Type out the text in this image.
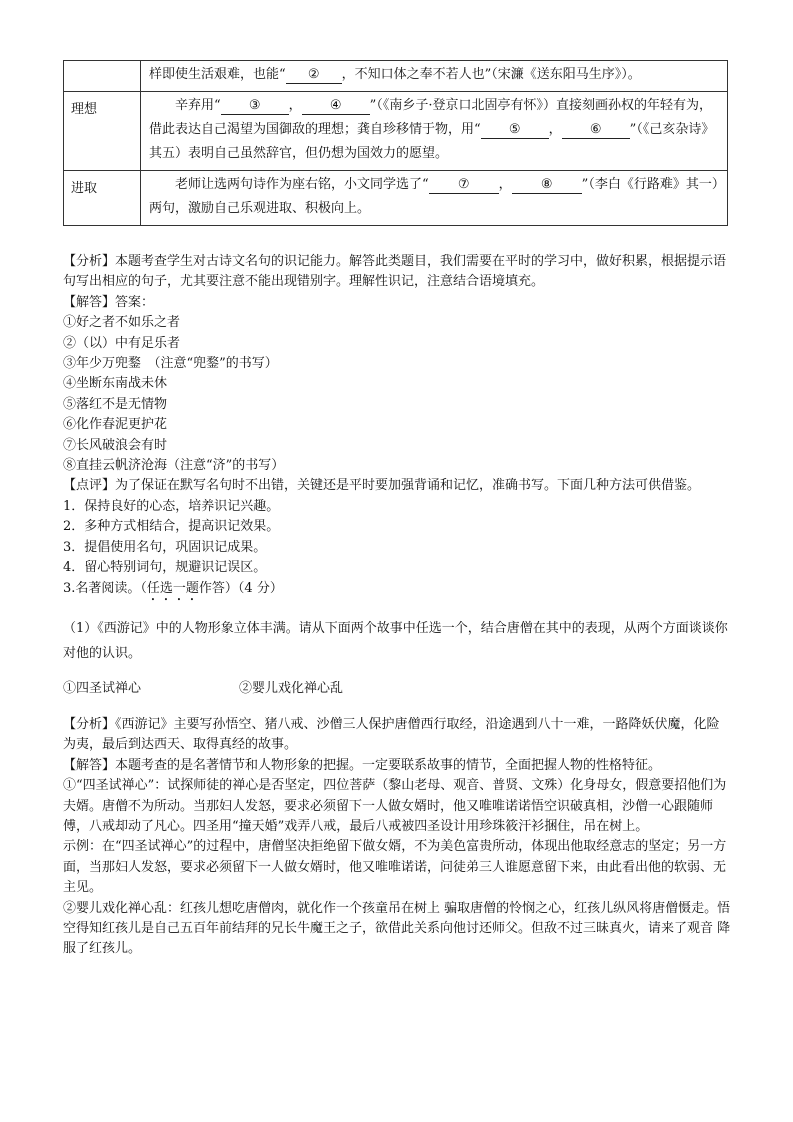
	样即使生活艰难，也能“ ② ，不知口体之奉不若人也”（宋濂《送东阳马生序》）。
理想	辛弃用“ ③ ， ④ ”（《南乡子·登京口北固亭有怀》）直接刻画孙权的年轻有为，借此表达自己渴望为国御敌的理想；龚自珍移情于物，用“ ⑤ ， ⑥ ”（《己亥杂诗》其五）表明自己虽然辞官，但仍想为国效力的愿望。
进取	老师让选两句诗作为座右铭，小文同学选了“ ⑦ ， ⑧ ”（李白《行路难》其一）两句，激励自己乐观进取、积极向上。

【分析】本题考查学生对古诗文名句的识记能力。解答此类题目，我们需要在平时的学习中，做好积累，根据提示语句写出相应的句子，尤其要注意不能出现错别字。理解性识记，注意结合语境填充。

【解答】答案：

①好之者不如乐之者

②（以）中有足乐者

③年少万兜鍪　（注意“兜鍪”的书写）

④坐断东南战未休

⑤落红不是无情物

⑥化作春泥更护花

⑦长风破浪会有时

⑧直挂云帆济沧海（注意“济”的书写）

【点评】为了保证在默写名句时不出错，关键还是平时要加强背诵和记忆，准确书写。下面几种方法可供借鉴。

1．保持良好的心态，培养识记兴趣。

2．多种方式相结合，提高识记效果。

3．提倡使用名句，巩固识记成果。

4．留心特别词句，规避识记误区。

3.名著阅读。（任选一题作答）（4 分）

（1）《西游记》中的人物形象立体丰满。请从下面两个故事中任选一个，结合唐僧在其中的表现，从两个方面谈谈你对他的认识。

①四圣试禅心	②婴儿戏化禅心乱

【分析】《西游记》主要写孙悟空、猪八戒、沙僧三人保护唐僧西行取经，沿途遇到八十一难，一路降妖伏魔，化险为夷，最后到达西天、取得真经的故事。

【解答】本题考查的是名著情节和人物形象的把握。一定要联系故事的情节，全面把握人物的性格特征。

①“四圣试禅心”：试探师徒的禅心是否坚定，四位菩萨（黎山老母、观音、普贤、文殊）化身母女，假意要招他们为夫婿。唐僧不为所动。当那妇人发怒，要求必须留下一人做女婿时，他又唯唯诺诺悟空识破真相，沙僧一心跟随师傅，八戒却动了凡心。四圣用“撞天婚”戏弄八戒，最后八戒被四圣设计用珍珠筱汗衫捆住，吊在树上。

示例：在“四圣试禅心”的过程中，唐僧坚决拒绝留下做女婿，不为美色富贵所动，体现出他取经意志的坚定；另一方面，当那妇人发怒，要求必须留下一人做女婿时，他又唯唯诺诺，问徒弟三人谁愿意留下来，由此看出他的软弱、无主见。

②婴儿戏化禅心乱：红孩儿想吃唐僧肉，就化作一个孩童吊在树上 骗取唐僧的怜悯之心，红孩儿纵风将唐僧慑走。悟空得知红孩儿是自己五百年前结拜的兄长牛魔王之子，欲借此关系向他讨还师父。但敌不过三昧真火，请来了观音 降服了红孩儿。
